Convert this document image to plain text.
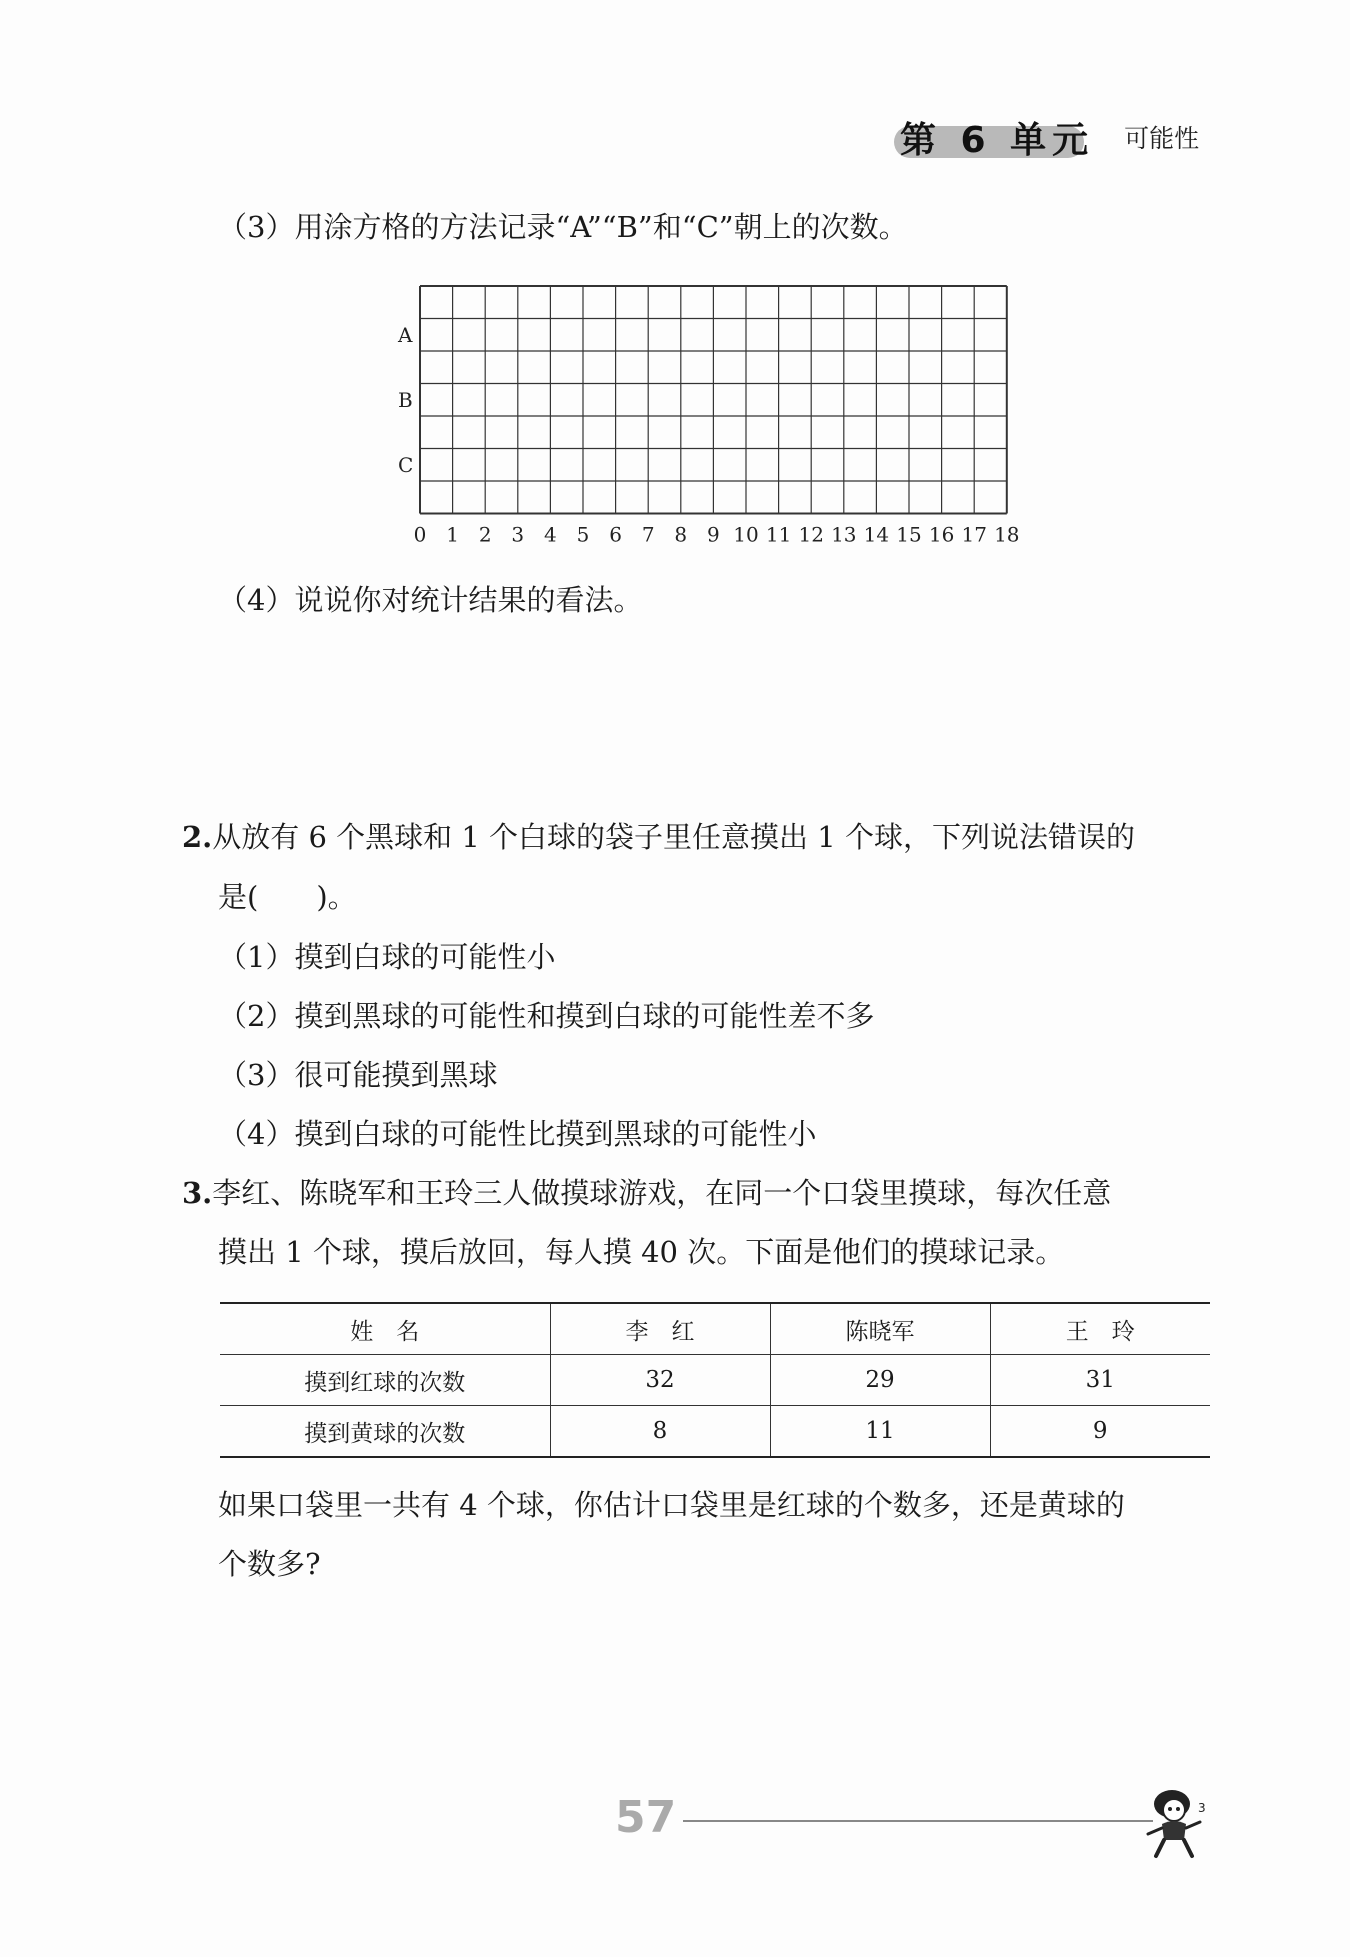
第 6 单元 可能性
（3）用涂方格的方法记录“A”“B”和“C”朝上的次数。
A
B
C
0 1 2 3 4 5 6 7 8 9 10 11 12 13 14 15 16 17 18
（4）说说你对统计结果的看法。
2.从放有 6 个黑球和 1 个白球的袋子里任意摸出 1 个球，下列说法错误的
是(　　)。
（1）摸到白球的可能性小
（2）摸到黑球的可能性和摸到白球的可能性差不多
（3）很可能摸到黑球
（4）摸到白球的可能性比摸到黑球的可能性小
3.李红、陈晓军和王玲三人做摸球游戏，在同一个口袋里摸球，每次任意
摸出 1 个球，摸后放回，每人摸 40 次。下面是他们的摸球记录。
姓　名	李　红	陈晓军	王　玲
摸到红球的次数	32	29	31
摸到黄球的次数	8	11	9
如果口袋里一共有 4 个球，你估计口袋里是红球的个数多，还是黄球的
个数多?
57	3
